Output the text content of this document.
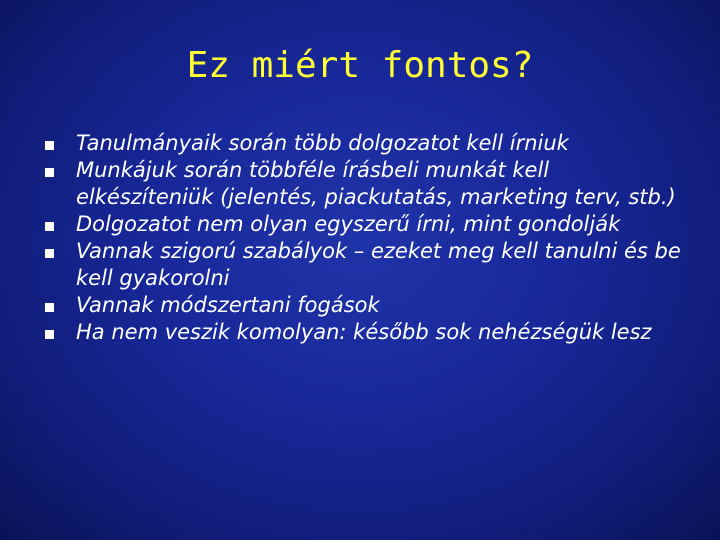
Ez miért fontos?
Tanulmányaik során több dolgozatot kell írniuk
Munkájuk során többféle írásbeli munkát kell elkészíteniük (jelentés, piackutatás, marketing terv, stb.)
Dolgozatot nem olyan egyszerű írni, mint gondolják
Vannak szigorú szabályok – ezeket meg kell tanulni és be kell gyakorolni
Vannak módszertani fogások
Ha nem veszik komolyan: később sok nehézségük lesz
